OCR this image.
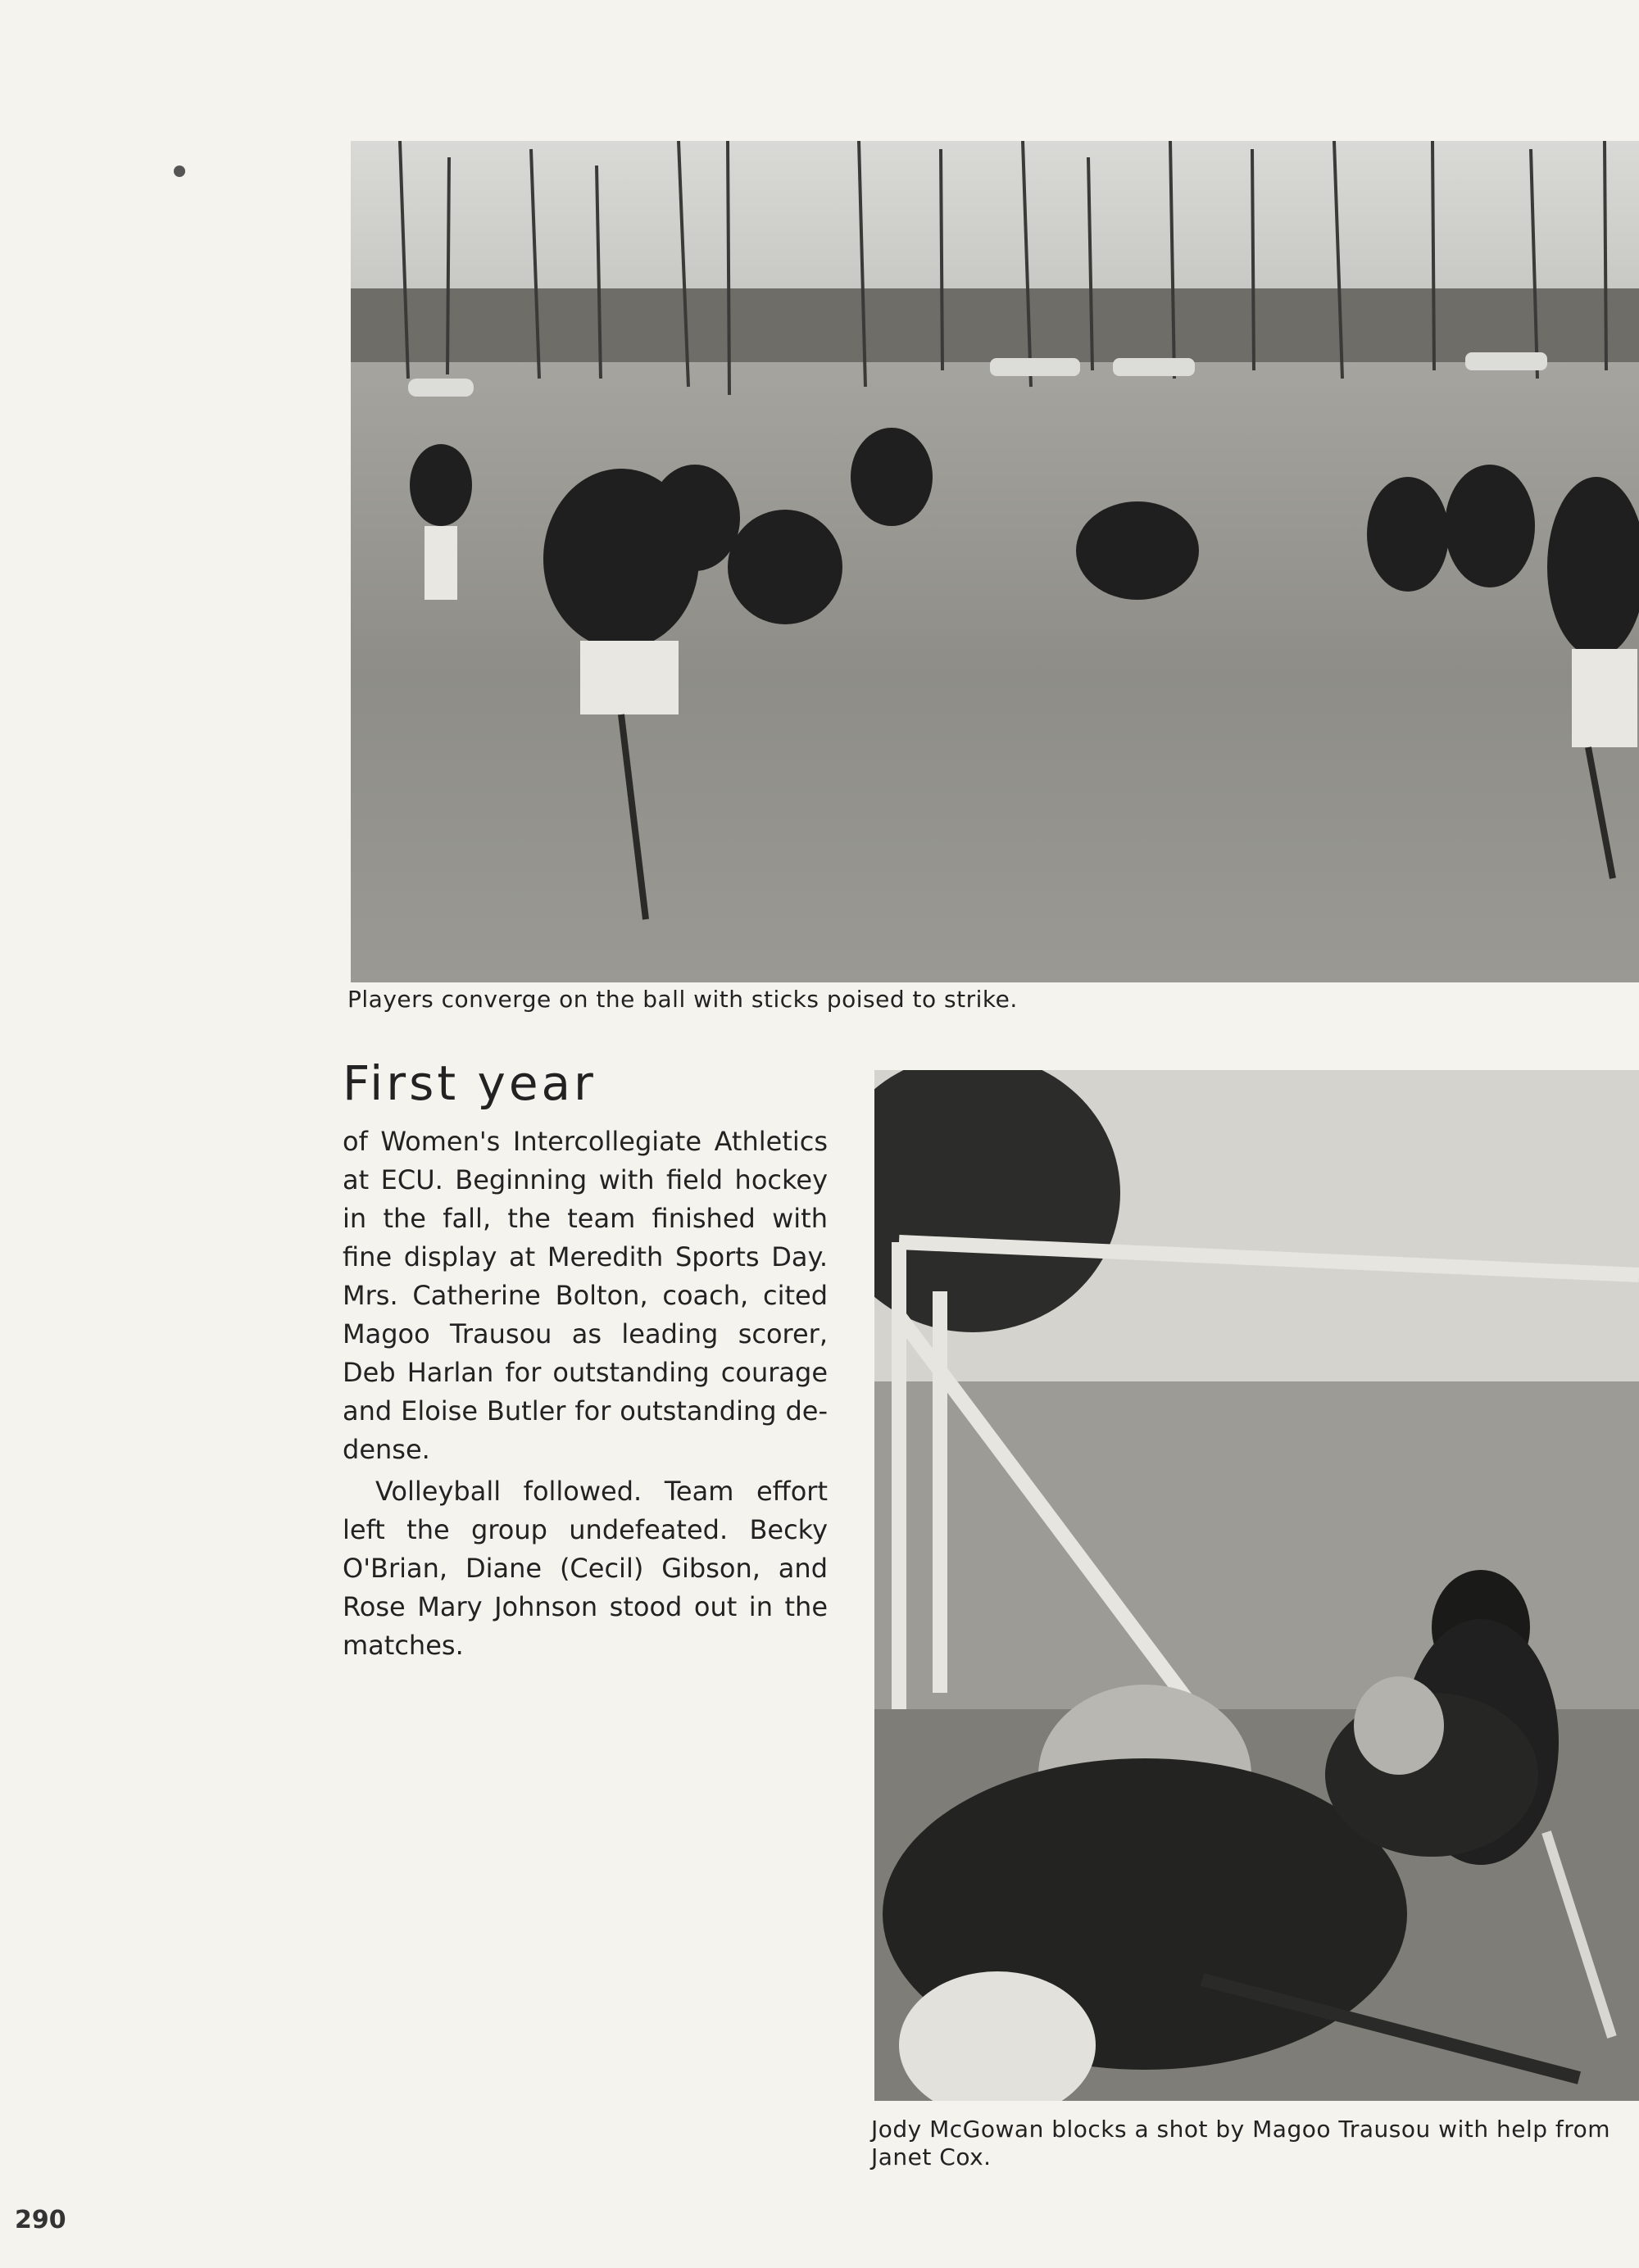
Players converge on the ball with sticks poised to strike.
First year

of Women's Intercollegiate Athletics at ECU. Beginning with field hockey in the fall, the team finished with fine display at Meredith Sports Day. Mrs. Catherine Bolton, coach, cited Magoo Trausou as leading scorer, Deb Harlan for outstanding courage and Eloise Butler for outstanding de-dense.

Volleyball followed. Team effort left the group undefeated. Becky O'Brian, Diane (Cecil) Gibson, and Rose Mary Johnson stood out in the matches.

Jody McGowan blocks a shot by Magoo Trausou with help from Janet Cox.
290
